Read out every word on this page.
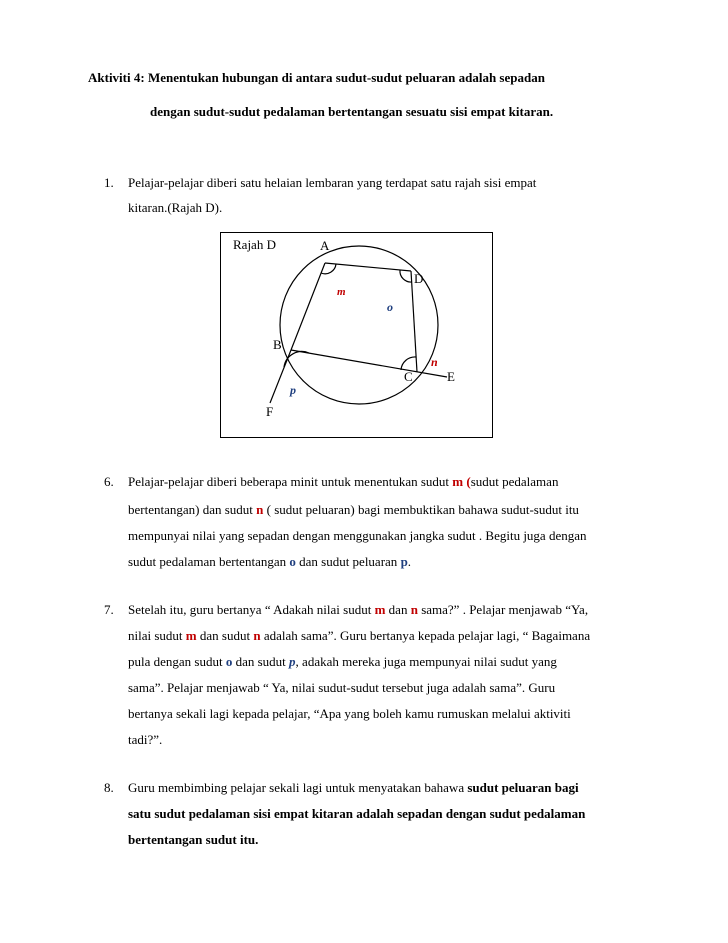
Aktiviti 4: Menentukan hubungan di antara sudut-sudut peluaran adalah sepadan
dengan sudut-sudut pedalaman bertentangan sesuatu sisi empat kitaran.
1. Pelajar-pelajar diberi satu helaian lembaran yang terdapat satu rajah sisi empat
kitaran.(Rajah D).
Rajah D	A
D
B
C	E
F
m
o
n
p
6. Pelajar-pelajar diberi beberapa minit untuk menentukan sudut m (sudut pedalaman
bertentangan) dan sudut n ( sudut peluaran) bagi membuktikan bahawa sudut-sudut itu
mempunyai nilai yang sepadan dengan menggunakan jangka sudut . Begitu juga dengan
sudut pedalaman bertentangan o dan sudut peluaran p.
7. Setelah itu, guru bertanya “ Adakah nilai sudut m dan n sama?” . Pelajar menjawab “Ya,
nilai sudut m dan sudut n adalah sama”. Guru bertanya kepada pelajar lagi, “ Bagaimana
pula dengan sudut o dan sudut p, adakah mereka juga mempunyai nilai sudut yang
sama”. Pelajar menjawab “ Ya, nilai sudut-sudut tersebut juga adalah sama”. Guru
bertanya sekali lagi kepada pelajar, “Apa yang boleh kamu rumuskan melalui aktiviti
tadi?”.
8. Guru membimbing pelajar sekali lagi untuk menyatakan bahawa sudut peluaran bagi
satu sudut pedalaman sisi empat kitaran adalah sepadan dengan sudut pedalaman
bertentangan sudut itu.
